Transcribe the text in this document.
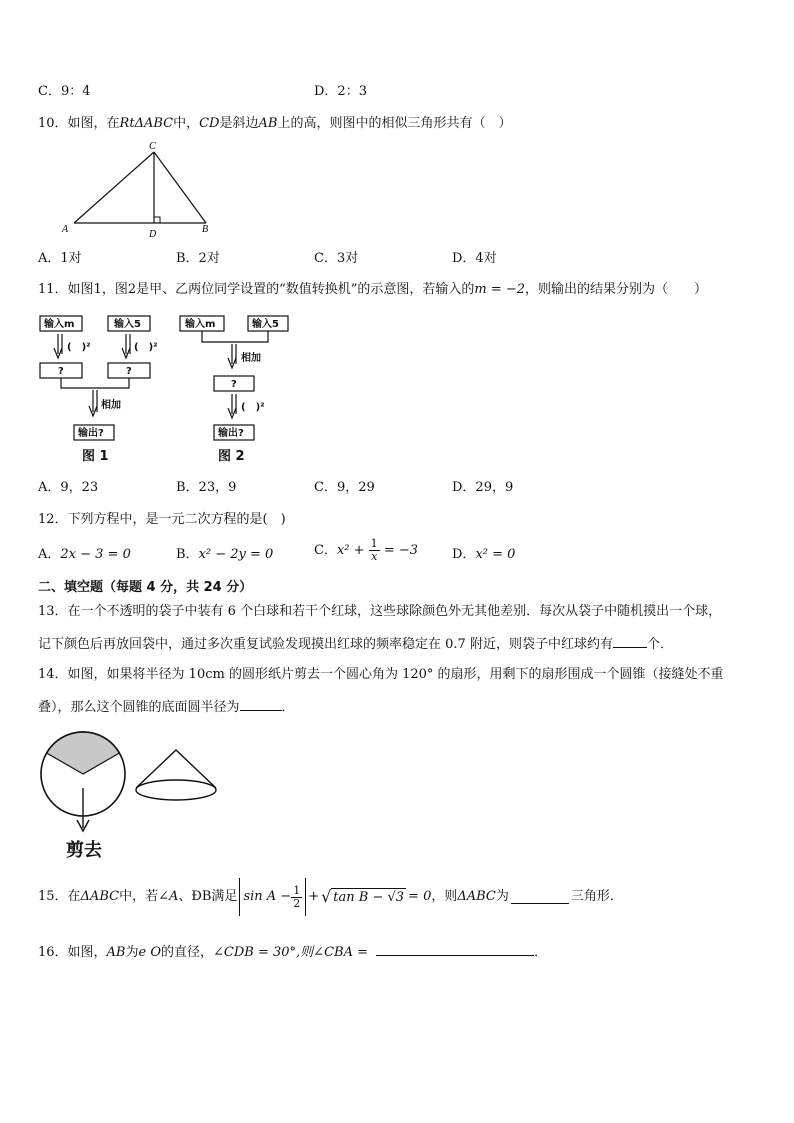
C．9：4	D．2：3
10．如图，在RtΔABC中，CD是斜边AB上的高，则图中的相似三角形共有（　）
C
A	D	B
A．1对	B．2对	C．3对	D．4对
11．如图1，图2是甲、乙两位同学设置的“数值转换机”的示意图，若输入的m = −2，则输出的结果分别为（　　）
输入m	输入5
(　)²	(　)²
?	?
相加
输出?
图 1
输入m	输入5
相加
?
(　)²
输出?
图 2
A．9，23	B．23，9	C．9，29	D．29，9
12．下列方程中，是一元二次方程的是(　)
A．2x − 3 = 0	B．x² − 2y = 0	C．$x^2 + \frac{1}{x} = -3$	D．x² = 0
二、填空题（每题 4 分，共 24 分）
13．在一个不透明的袋子中装有 6 个白球和若干个红球，这些球除颜色外无其他差别．每次从袋子中随机摸出一个球，
记下颜色后再放回袋中，通过多次重复试验发现摸出红球的频率稳定在 0.7 附近，则袋子中红球约有	个．
14．如图，如果将半径为 10cm 的圆形纸片剪去一个圆心角为 120° 的扇形，用剩下的扇形围成一个圆锥（接缝处不重
叠），那么这个圆锥的底面圆半径为	．
剪去
15．在 ΔABC 中，若∠ A 、ÐB 满足 $\sin A - \frac{1}{2}$ + √ tan B − √3 = 0 ，则 ΔABC 为	三角形．
16．如图，AB为e O的直径，∠CDB = 30°,则∠CBA =	．
